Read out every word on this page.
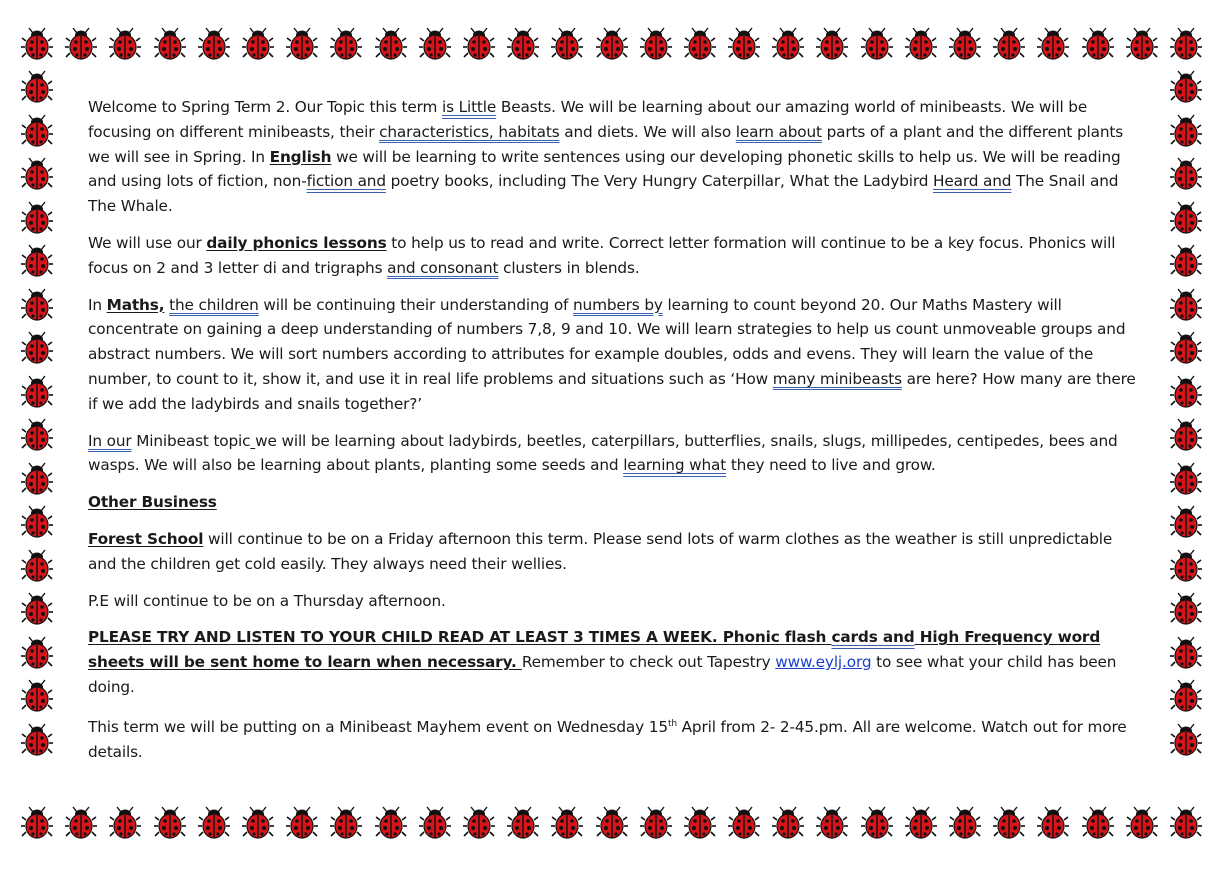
Welcome to Spring Term 2. Our Topic this term is Little Beasts. We will be learning about our amazing world of minibeasts. We will be focusing on different minibeasts, their characteristics, habitats and diets. We will also learn about parts of a plant and the different plants we will see in Spring. In English we will be learning to write sentences using our developing phonetic skills to help us. We will be reading and using lots of fiction, non-fiction and poetry books, including The Very Hungry Caterpillar, What the Ladybird Heard and The Snail and The Whale.

We will use our daily phonics lessons to help us to read and write. Correct letter formation will continue to be a key focus. Phonics will focus on 2 and 3 letter di and trigraphs and consonant clusters in blends.

In Maths, the children will be continuing their understanding of numbers by learning to count beyond 20. Our Maths Mastery will concentrate on gaining a deep understanding of numbers 7,8, 9 and 10. We will learn strategies to help us count unmoveable groups and abstract numbers. We will sort numbers according to attributes for example doubles, odds and evens. They will learn the value of the number, to count to it, show it, and use it in real life problems and situations such as ‘How many minibeasts are here? How many are there if we add the ladybirds and snails together?’

In our Minibeast topic we will be learning about ladybirds, beetles, caterpillars, butterflies, snails, slugs, millipedes, centipedes, bees and wasps. We will also be learning about plants, planting some seeds and learning what they need to live and grow.

Other Business

Forest School will continue to be on a Friday afternoon this term. Please send lots of warm clothes as the weather is still unpredictable and the children get cold easily. They always need their wellies.

P.E will continue to be on a Thursday afternoon.

PLEASE TRY AND LISTEN TO YOUR CHILD READ AT LEAST 3 TIMES A WEEK. Phonic flash cards and High Frequency word sheets will be sent home to learn when necessary. Remember to check out Tapestry www.eylj.org to see what your child has been doing.

This term we will be putting on a Minibeast Mayhem event on Wednesday 15th April from 2- 2-45.pm. All are welcome. Watch out for more details.
